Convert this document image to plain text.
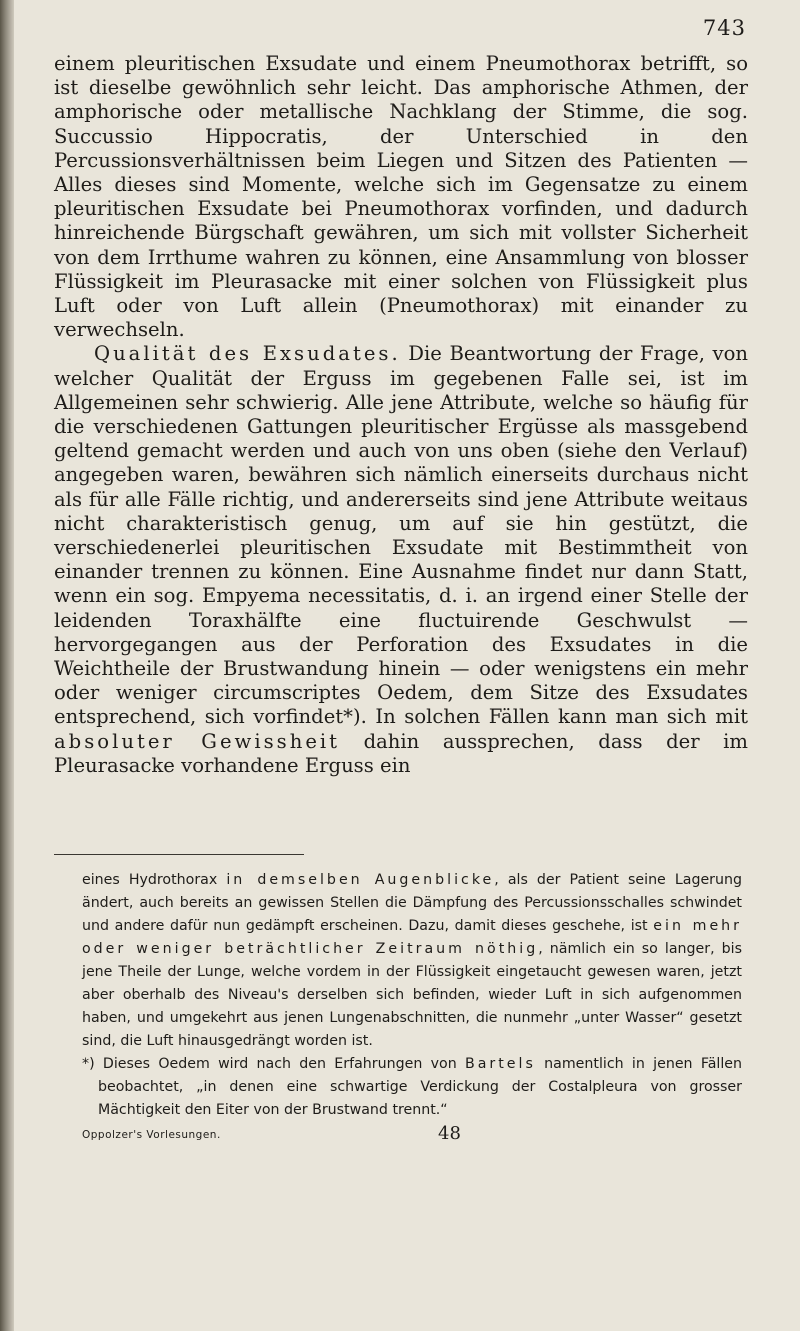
743

einem pleuritischen Exsudate und einem Pneumothorax betrifft, so ist dieselbe gewöhnlich sehr leicht. Das amphorische Athmen, der amphorische oder metallische Nachklang der Stimme, die sog. Succussio Hippocratis, der Unterschied in den Percussionsverhältnissen beim Liegen und Sitzen des Patienten — Alles dieses sind Momente, welche sich im Gegensatze zu einem pleuritischen Exsudate bei Pneumothorax vorfinden, und dadurch hinreichende Bürgschaft gewähren, um sich mit vollster Sicherheit von dem Irrthume wahren zu können, eine Ansammlung von blosser Flüssigkeit im Pleurasacke mit einer solchen von Flüssigkeit plus Luft oder von Luft allein (Pneumothorax) mit einander zu verwechseln.

Qualität des Exsudates. Die Beantwortung der Frage, von welcher Qualität der Erguss im gegebenen Falle sei, ist im Allgemeinen sehr schwierig. Alle jene Attribute, welche so häufig für die verschiedenen Gattungen pleuritischer Ergüsse als massgebend geltend gemacht werden und auch von uns oben (siehe den Verlauf) angegeben waren, bewähren sich nämlich einerseits durchaus nicht als für alle Fälle richtig, und andererseits sind jene Attribute weitaus nicht charakteristisch genug, um auf sie hin gestützt, die verschiedenerlei pleuritischen Exsudate mit Bestimmtheit von einander trennen zu können. Eine Ausnahme findet nur dann Statt, wenn ein sog. Empyema necessitatis, d. i. an irgend einer Stelle der leidenden Toraxhälfte eine fluctuirende Geschwulst — hervorgegangen aus der Perforation des Exsudates in die Weichtheile der Brustwandung hinein — oder wenigstens ein mehr oder weniger circumscriptes Oedem, dem Sitze des Exsudates entsprechend, sich vorfindet*). In solchen Fällen kann man sich mit absoluter Gewissheit dahin aussprechen, dass der im Pleurasacke vorhandene Erguss ein

eines Hydrothorax in demselben Augenblicke, als der Patient seine Lagerung ändert, auch bereits an gewissen Stellen die Dämpfung des Percussionsschalles schwindet und andere dafür nun gedämpft erscheinen. Dazu, damit dieses geschehe, ist ein mehr oder weniger beträchtlicher Zeitraum nöthig, nämlich ein so langer, bis jene Theile der Lunge, welche vordem in der Flüssigkeit eingetaucht gewesen waren, jetzt aber oberhalb des Niveau's derselben sich befinden, wieder Luft in sich aufgenommen haben, und umgekehrt aus jenen Lungenabschnitten, die nunmehr „unter Wasser“ gesetzt sind, die Luft hinausgedrängt worden ist.

*) Dieses Oedem wird nach den Erfahrungen von Bartels namentlich in jenen Fällen beobachtet, „in denen eine schwartige Verdickung der Costalpleura von grosser Mächtigkeit den Eiter von der Brustwand trennt.“

Oppolzer's Vorlesungen.	48
